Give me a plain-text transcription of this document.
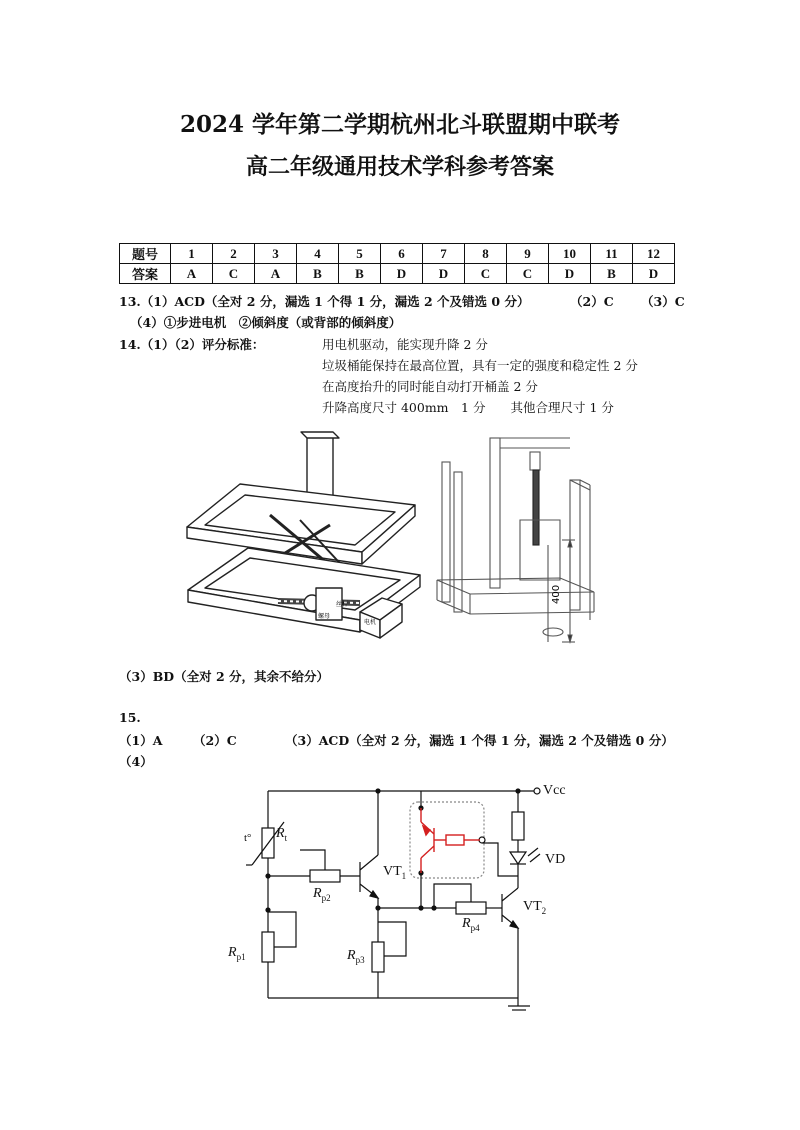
2024 学年第二学期杭州北斗联盟期中联考
高二年级通用技术学科参考答案
题号	1	2	3	4	5	6	7	8	9	10	11	12
答案	A	C	A	B	B	D	D	C	C	D	B	D
13.（1）ACD（全对 2 分，漏选 1 个得 1 分，漏选 2 个及错选 0 分）	（2）C （3）C
（4）①步进电机　②倾斜度（或背部的倾斜度）
14.（1）（2）评分标准：	用电机驱动，能实现升降 2 分
垃圾桶能保持在最高位置，具有一定的强度和稳定性 2 分
在高度抬升的同时能自动打开桶盖 2 分
升降高度尺寸 400mm　1 分　　其他合理尺寸 1 分
丝杆
螺母
电机
400
（3）BD（全对 2 分，其余不给分）
15.
（1）A （2）C	（3）ACD（全对 2 分，漏选 1 个得 1 分，漏选 2 个及错选 0 分）
（4）
Vcc
t° $R_t$
$R_{p2}$
$R_{p1}$	$R_{p3}$
$R_{p4}$
$VT_1$
$VT_2$
VD
